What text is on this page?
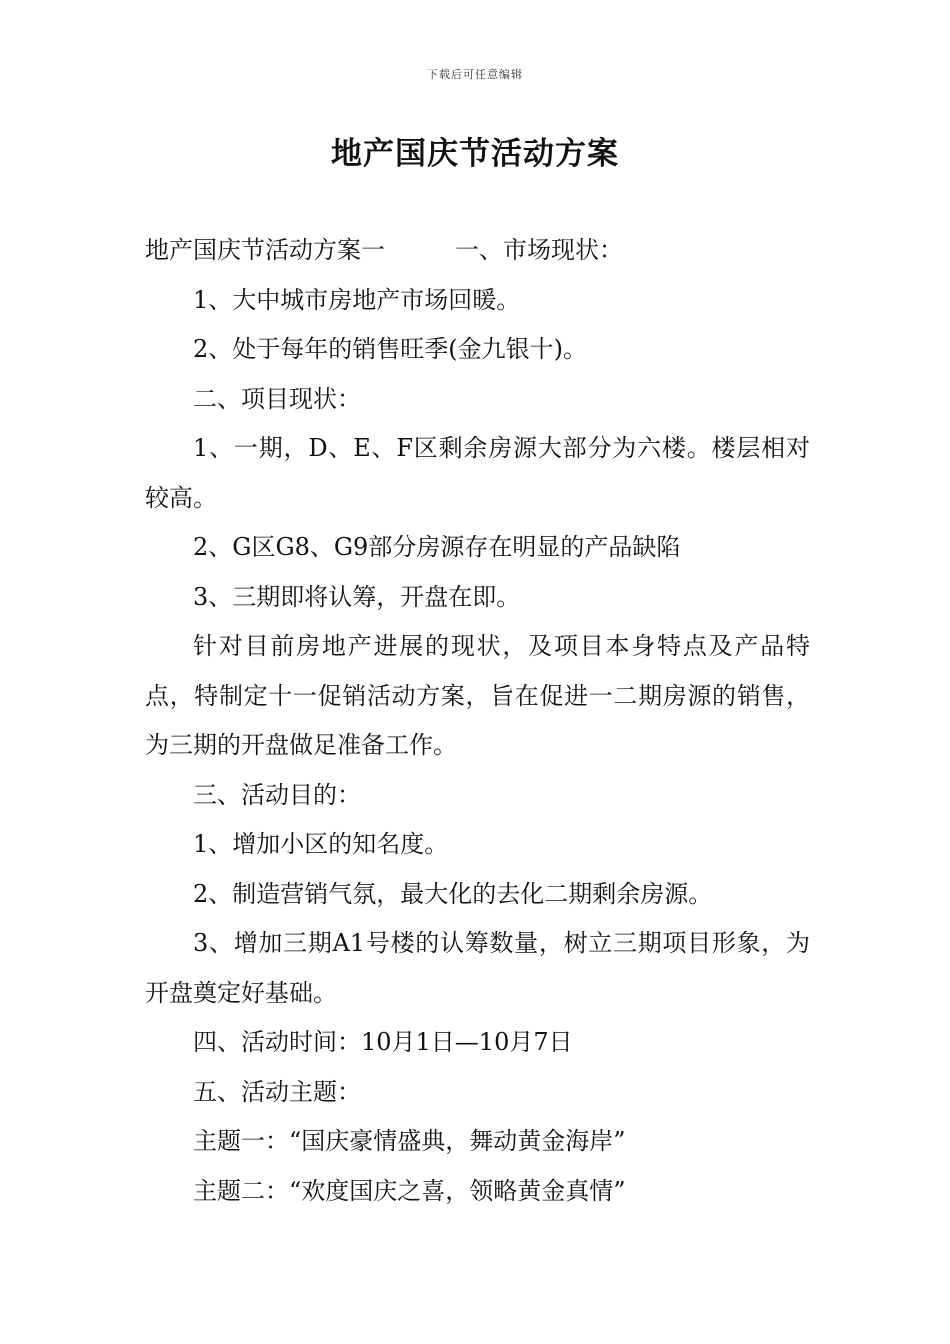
下载后可任意编辑
地产国庆节活动方案

地产国庆节活动方案一	一、市场现状：

1、大中城市房地产市场回暖。

2、处于每年的销售旺季(金九银十)。

二、项目现状：

1、一期，D、E、F区剩余房源大部分为六楼。楼层相对较高。

2、G区G8、G9部分房源存在明显的产品缺陷

3、三期即将认筹，开盘在即。

针对目前房地产进展的现状，及项目本身特点及产品特点，特制定十一促销活动方案，旨在促进一二期房源的销售，为三期的开盘做足准备工作。

三、活动目的：

1、增加小区的知名度。

2、制造营销气氛，最大化的去化二期剩余房源。

3、增加三期A1号楼的认筹数量，树立三期项目形象，为开盘奠定好基础。

四、活动时间：10月1日—10月7日

五、活动主题：

主题一：“国庆豪情盛典，舞动黄金海岸”

主题二：“欢度国庆之喜，领略黄金真情”
